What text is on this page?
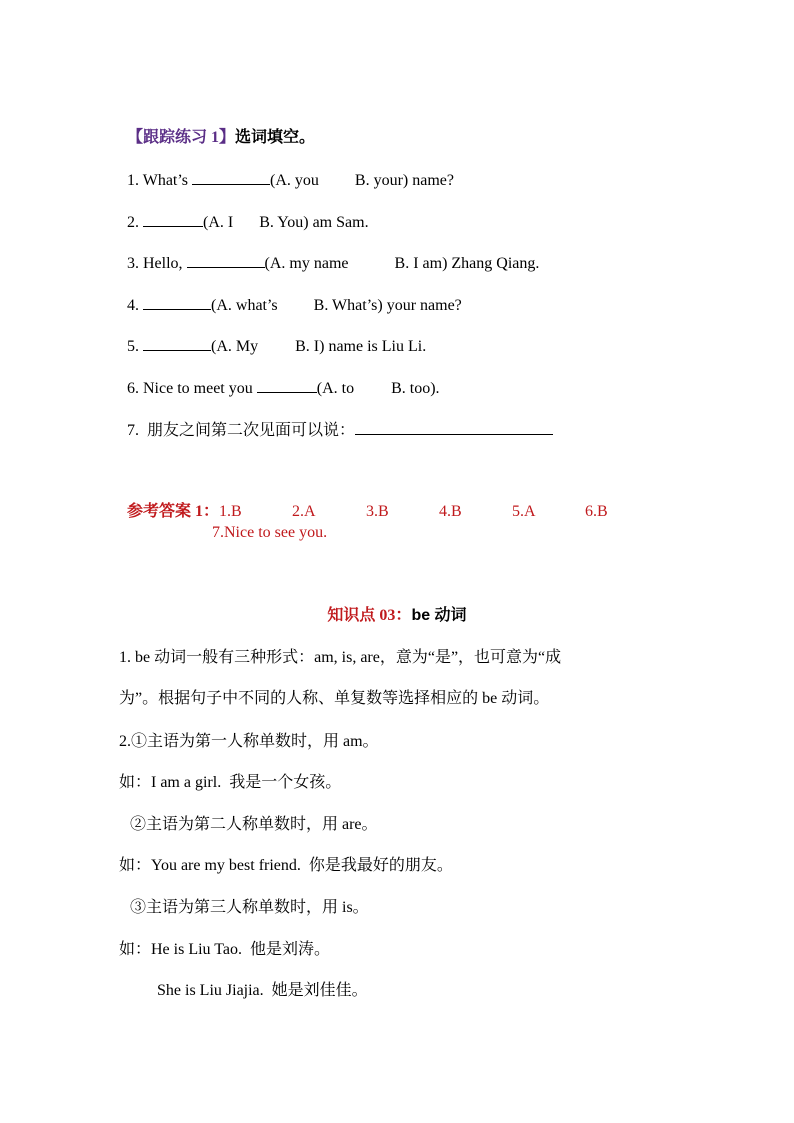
【跟踪练习 1】选词填空。

1. What’s	(A. you B. your) name?

2.	(A. I B. You) am Sam.

3. Hello,	(A. my name	B. I am) Zhang Qiang.

4.	(A. what’s B. What’s) your name?

5.	(A. My B. I) name is Liu Li.

6. Nice to meet you	(A. to B. too).

7.  朋友之间第二次见面可以说：

参考答案 1：1.B	2.A	3.B	4.B	5.A	6.B

7.Nice to see you.
知识点 03：be 动词
1. be 动词一般有三种形式：am, is, are，意为“是”，也可意为“成
为”。根据句子中不同的人称、单复数等选择相应的 be 动词。
2.①主语为第一人称单数时，用 am。
如：I am a girl.  我是一个女孩。
②主语为第二人称单数时，用 are。
如：You are my best friend.  你是我最好的朋友。
③主语为第三人称单数时，用 is。
如：He is Liu Tao.  他是刘涛。
She is Liu Jiajia.  她是刘佳佳。
